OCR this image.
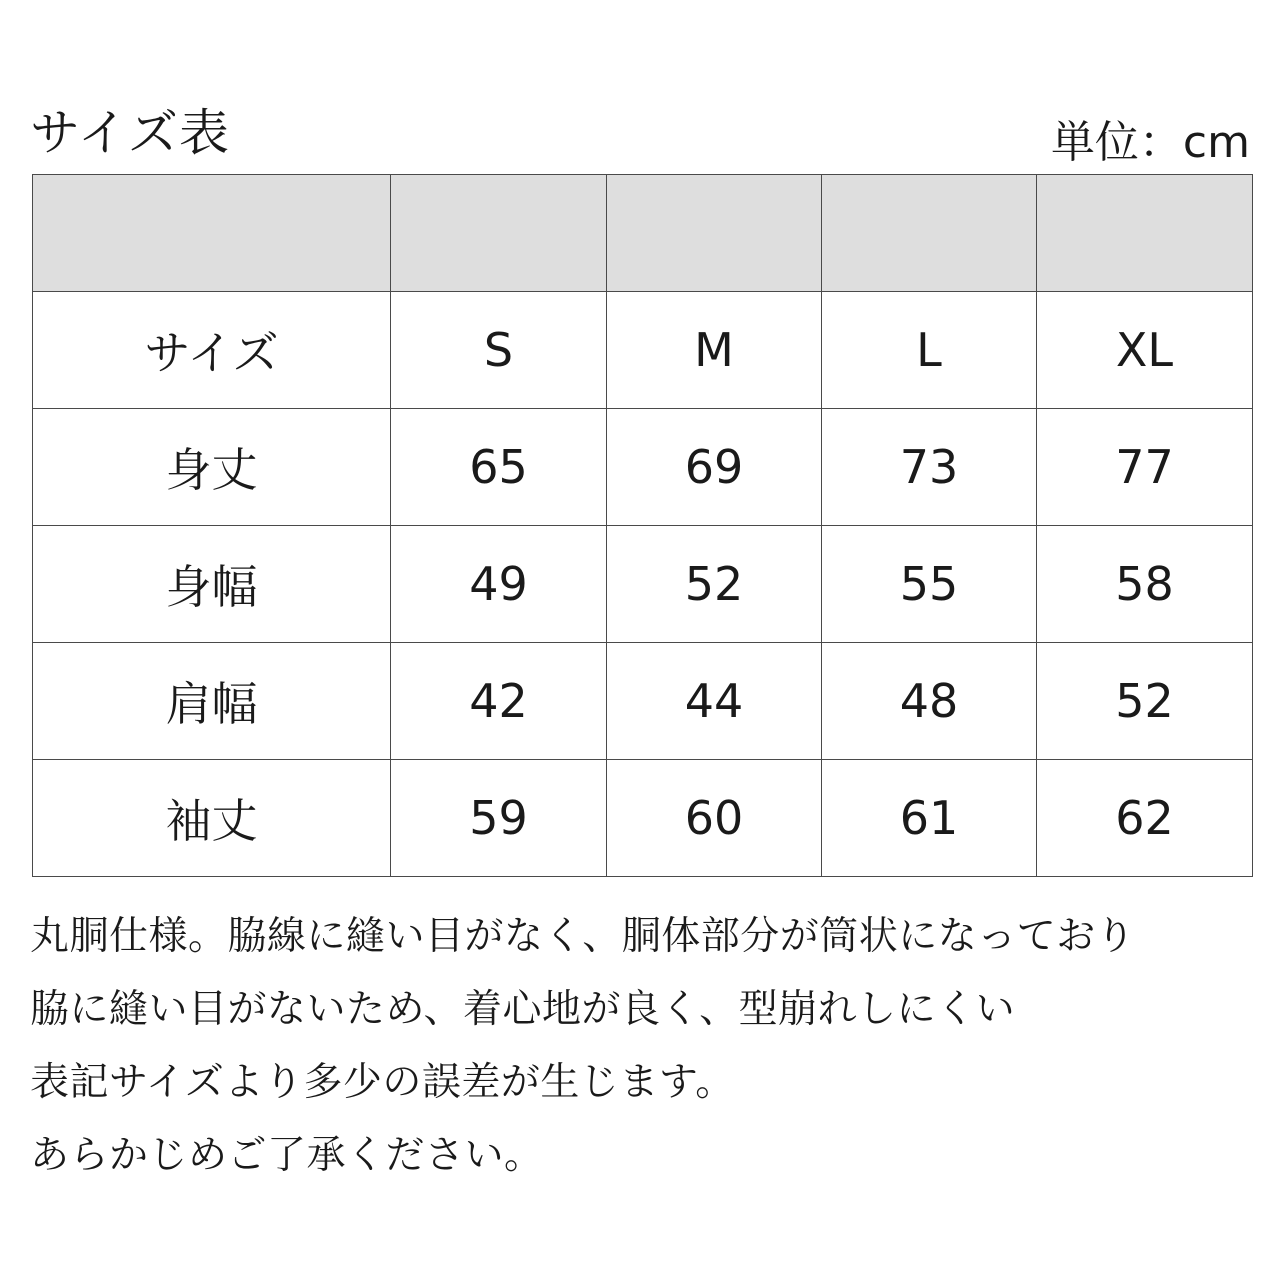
サイズ表	単位：cm

サイズ	S	M	L	XL
身丈	65	69	73	77
身幅	49	52	55	58
肩幅	42	44	48	52
袖丈	59	60	61	62
丸胴仕様。脇線に縫い目がなく、胴体部分が筒状になっており
脇に縫い目がないため、着心地が良く、型崩れしにくい
表記サイズより多少の誤差が生じます。
あらかじめご了承ください。
